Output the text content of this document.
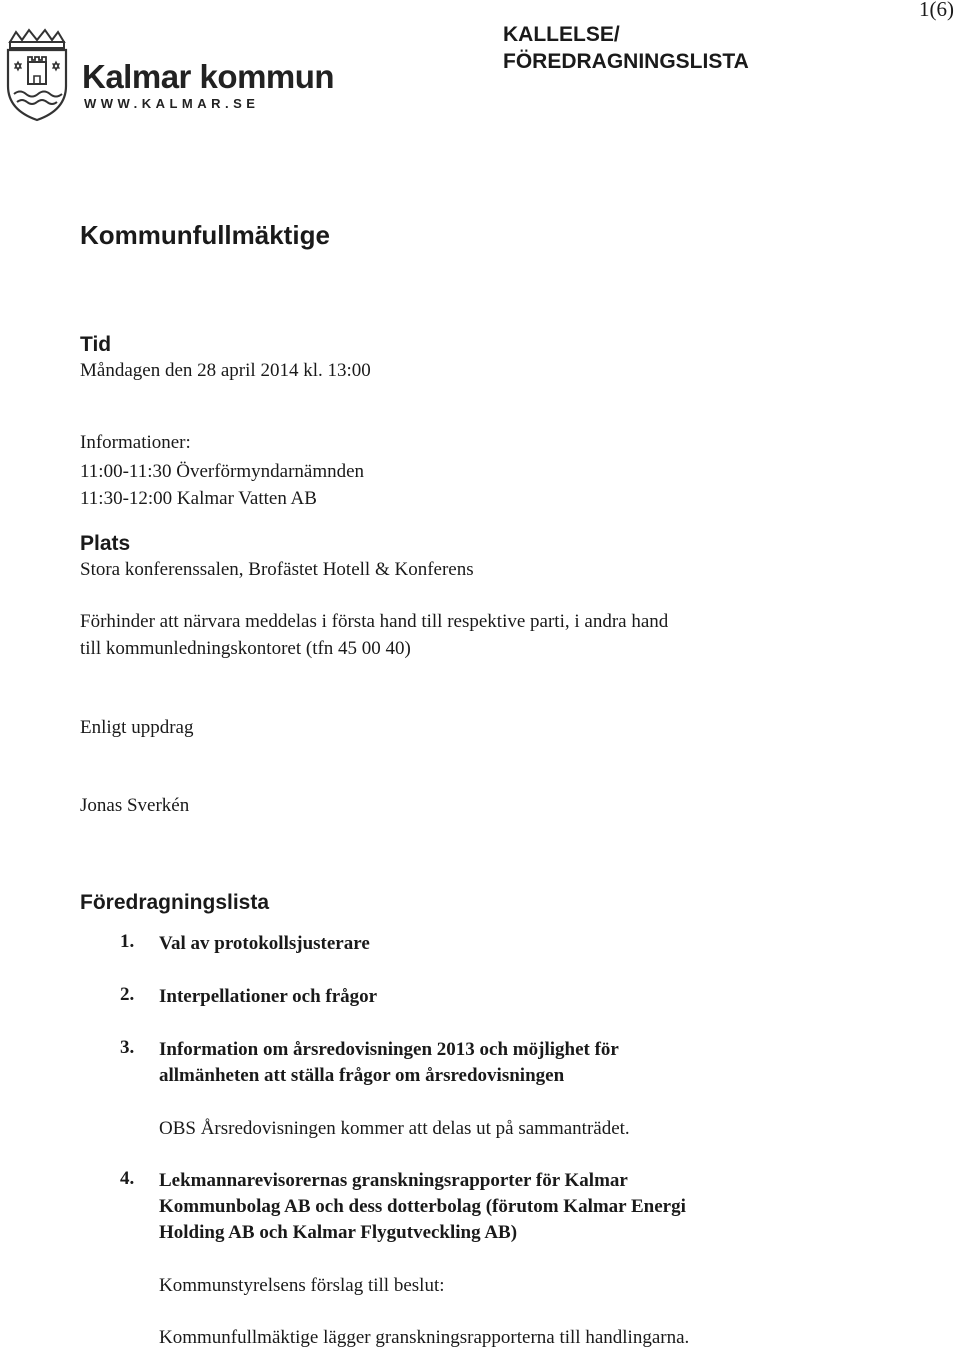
1(6)
Kalmar kommun
WWW.KALMAR.SE
KALLELSE/
FÖREDRAGNINGSLISTA
Kommunfullmäktige
Tid
Måndagen den 28 april 2014 kl. 13:00
Informationer:
11:00-11:30 Överförmyndarnämnden
11:30-12:00 Kalmar Vatten AB
Plats
Stora konferenssalen, Brofästet Hotell & Konferens
Förhinder att närvara meddelas i första hand till respektive parti, i andra hand
till kommunledningskontoret (tfn 45 00 40)
Enligt uppdrag
Jonas Sverkén
Föredragningslista
1. Val av protokollsjusterare
2. Interpellationer och frågor
3. Information om årsredovisningen 2013 och möjlighet för
allmänheten att ställa frågor om årsredovisningen
OBS Årsredovisningen kommer att delas ut på sammanträdet.
4. Lekmannarevisorernas granskningsrapporter för Kalmar
Kommunbolag AB och dess dotterbolag (förutom Kalmar Energi
Holding AB och Kalmar Flygutveckling AB)
Kommunstyrelsens förslag till beslut:
Kommunfullmäktige lägger granskningsrapporterna till handlingarna.
